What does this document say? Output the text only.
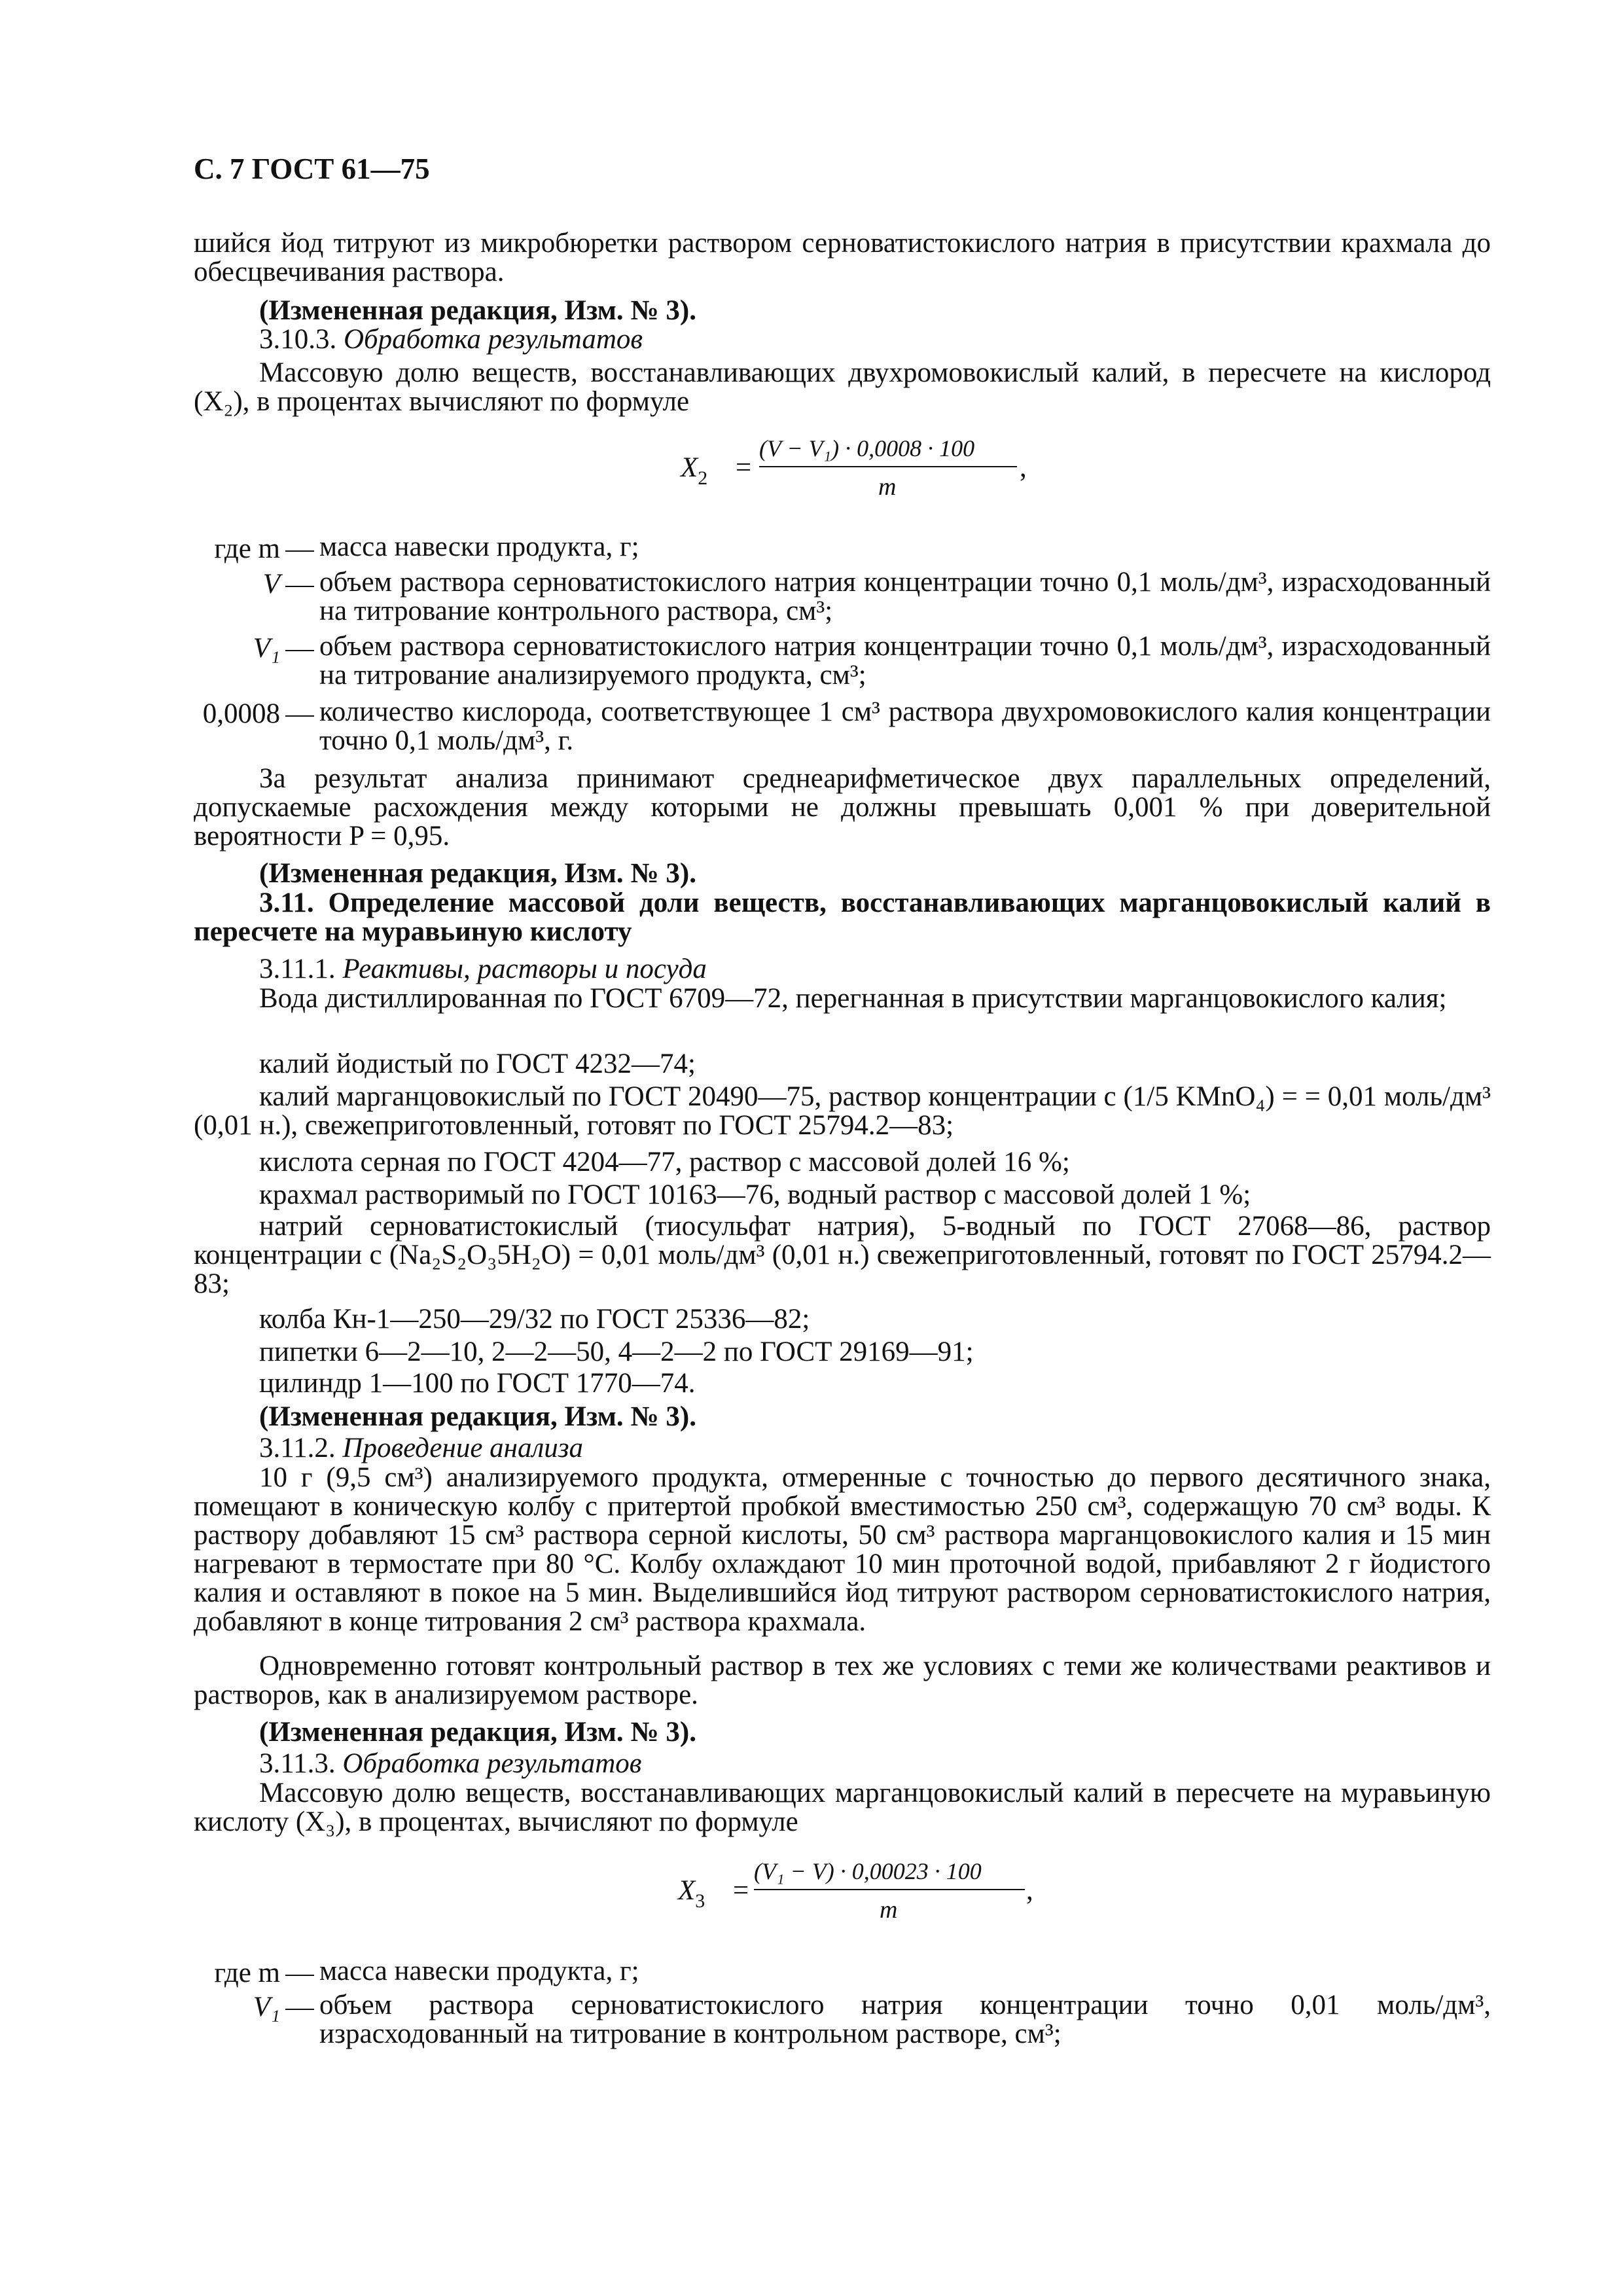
С. 7 ГОСТ 61—75
шийся йод титруют из микробюретки раствором серноватистокислого натрия в присутствии крахмала до обесцвечивания раствора.
(Измененная редакция, Изм. № 3).
3.10.3. Обработка результатов
Массовую долю веществ, восстанавливающих двухромовокислый калий, в пересчете на кислород (X₂), в процентах вычисляют по формуле
$X_2$ =
(V − V₁) · 0,0008 · 100
m
,
где m	масса навески продукта, г;
V	объем раствора серноватистокислого натрия концентрации точно 0,1 моль/дм³, израсходованный на титрование контрольного раствора, см³;
V₁	объем раствора серноватистокислого натрия концентрации точно 0,1 моль/дм³, израсходованный на титрование анализируемого продукта, см³;
0,0008	количество кислорода, соответствующее 1 см³ раствора двухромовокислого калия концентрации точно 0,1 моль/дм³, г.
За результат анализа принимают среднеарифметическое двух параллельных определений, допускаемые расхождения между которыми не должны превышать 0,001 % при доверительной вероятности P = 0,95.
(Измененная редакция, Изм. № 3).
3.11. Определение массовой доли веществ, восстанавливающих марганцовокислый калий в пересчете на муравьиную кислоту
3.11.1. Реактивы, растворы и посуда
Вода дистиллированная по ГОСТ 6709—72, перегнанная в присутствии марганцовокислого калия;
калий йодистый по ГОСТ 4232—74;
калий марганцовокислый по ГОСТ 20490—75, раствор концентрации c (1/5 KMnO₄) = = 0,01 моль/дм³ (0,01 н.), свежеприготовленный, готовят по ГОСТ 25794.2—83;
кислота серная по ГОСТ 4204—77, раствор с массовой долей 16 %;
крахмал растворимый по ГОСТ 10163—76, водный раствор с массовой долей 1 %;
натрий серноватистокислый (тиосульфат натрия), 5-водный по ГОСТ 27068—86, раствор концентрации c (Na₂S₂O₃5H₂O) = 0,01 моль/дм³ (0,01 н.) свежеприготовленный, готовят по ГОСТ 25794.2—83;
колба Кн-1—250—29/32 по ГОСТ 25336—82;
пипетки 6—2—10, 2—2—50, 4—2—2 по ГОСТ 29169—91;
цилиндр 1—100 по ГОСТ 1770—74.
(Измененная редакция, Изм. № 3).
3.11.2. Проведение анализа
10 г (9,5 см³) анализируемого продукта, отмеренные с точностью до первого десятичного знака, помещают в коническую колбу с притертой пробкой вместимостью 250 см³, содержащую 70 см³ воды. К раствору добавляют 15 см³ раствора серной кислоты, 50 см³ раствора марганцовокислого калия и 15 мин нагревают в термостате при 80 °С. Колбу охлаждают 10 мин проточной водой, прибавляют 2 г йодистого калия и оставляют в покое на 5 мин. Выделившийся йод титруют раствором серноватистокислого натрия, добавляют в конце титрования 2 см³ раствора крахмала.
Одновременно готовят контрольный раствор в тех же условиях с теми же количествами реактивов и растворов, как в анализируемом растворе.
(Измененная редакция, Изм. № 3).
3.11.3. Обработка результатов
Массовую долю веществ, восстанавливающих марганцовокислый калий в пересчете на муравьиную кислоту (X₃), в процентах, вычисляют по формуле
$X_3$ =
(V₁ − V) · 0,00023 · 100
m
,
где m	масса навески продукта, г;
V₁	объем раствора серноватистокислого натрия концентрации точно 0,01 моль/дм³, израсходованный на титрование в контрольном растворе, см³;
